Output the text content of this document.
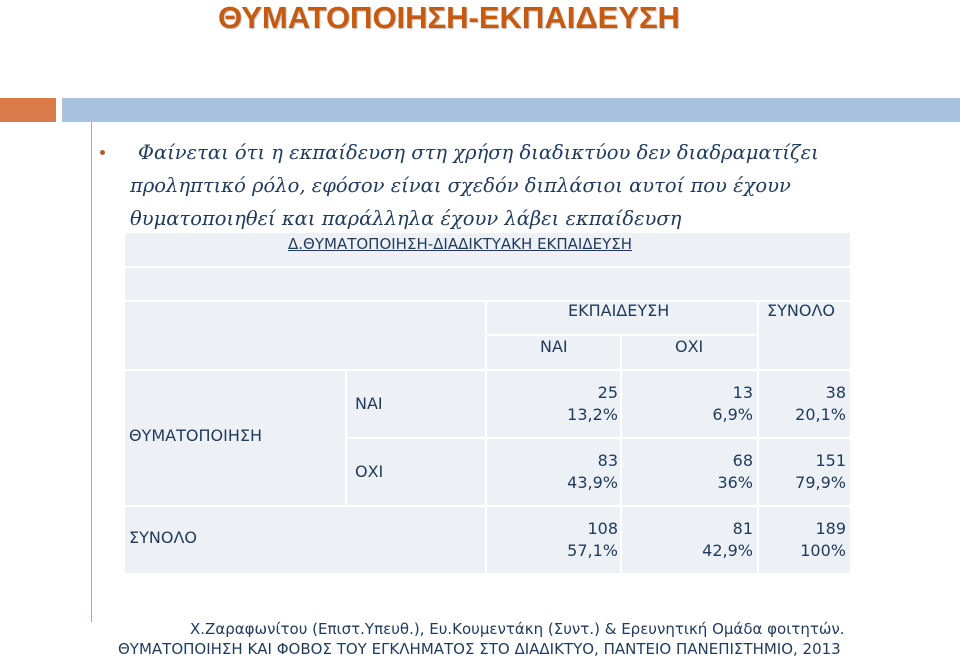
ΘΥΜΑΤΟΠΟΙΗΣΗ-ΕΚΠΑΙΔΕΥΣΗ
Φαίνεται ότι η εκπαίδευση στη χρήση διαδικτύου δεν διαδραματίζει προληπτικό ρόλο, εφόσον είναι σχεδόν διπλάσιοι αυτοί που έχουν θυματοποιηθεί και παράλληλα έχουν λάβει εκπαίδευση
Δ.ΘΥΜΑΤΟΠΟΙΗΣΗ-ΔΙΑΔΙΚΤΥΑΚΗ ΕΚΠΑΙΔΕΥΣΗ
ΕΚΠΑΙΔΕΥΣΗ	ΣΥΝΟΛΟ
ΝΑΙ	ΟΧΙ
ΘΥΜΑΤΟΠΟΙΗΣΗ
ΝΑΙ
ΟΧΙ
ΣΥΝΟΛΟ
25
13,2%
13
6,9%
38
20,1%
83
43,9%
68
36%
151
79,9%
108
57,1%
81
42,9%
189
100%
Χ.Ζαραφωνίτου (Επιστ.Υπευθ.), Ευ.Κουμεντάκη (Συντ.) & Ερευνητική Ομάδα φοιτητών.
ΘΥΜΑΤΟΠΟΙΗΣΗ ΚΑΙ ΦΟΒΟΣ ΤΟΥ ΕΓΚΛΗΜΑΤΟΣ ΣΤΟ ΔΙΑΔΙΚΤΥΟ, ΠΑΝΤΕΙΟ ΠΑΝΕΠΙΣΤΗΜΙΟ, 2013
